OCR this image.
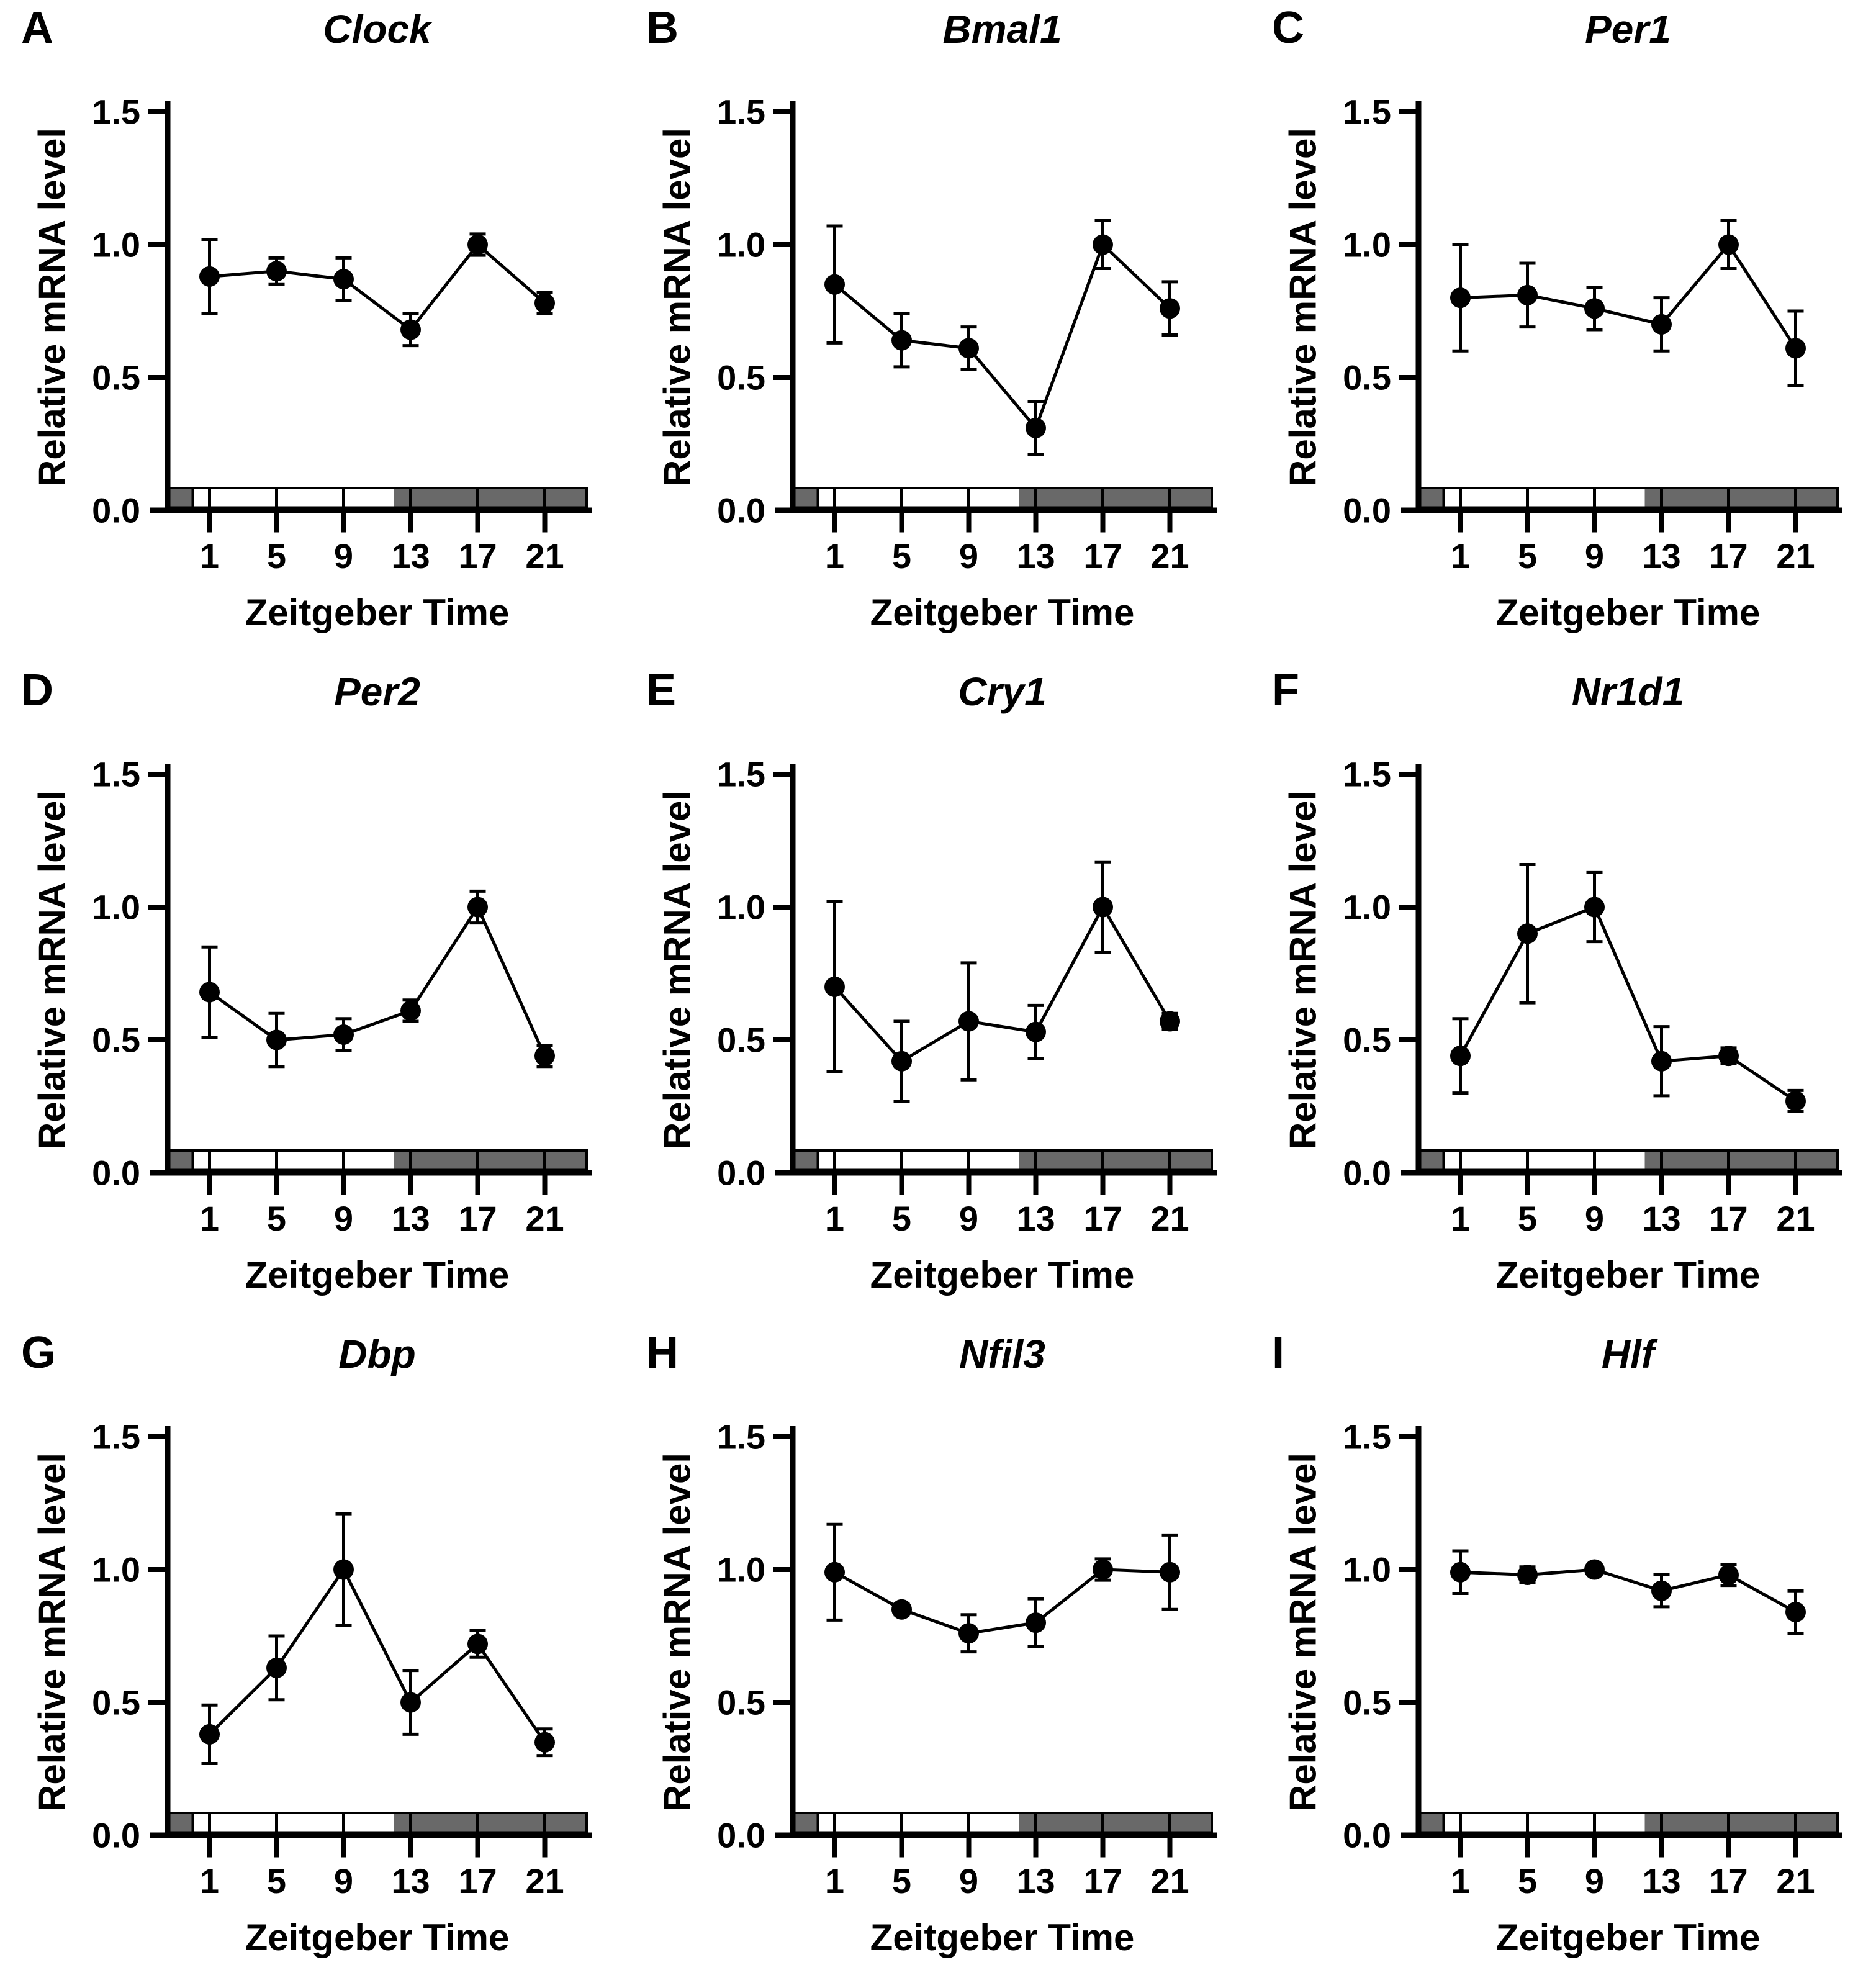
A	Clock
Relative mRNA level
1 5 9 13 17 21
0.0
0.5
1.0
1.5
Zeitgeber Time
B	Bmal1
Relative mRNA level
1 5 9 13 17 21
0.0
0.5
1.0
1.5
Zeitgeber Time
C	Per1
Relative mRNA level
1 5 9 13 17 21
0.0
0.5
1.0
1.5
Zeitgeber Time
D	Per2
Relative mRNA level
1 5 9 13 17 21
0.0
0.5
1.0
1.5
Zeitgeber Time
E	Cry1
Relative mRNA level
1 5 9 13 17 21
0.0
0.5
1.0
1.5
Zeitgeber Time
F	Nr1d1
Relative mRNA level
1 5 9 13 17 21
0.0
0.5
1.0
1.5
Zeitgeber Time
G	Dbp
Relative mRNA level
1 5 9 13 17 21
0.0
0.5
1.0
1.5
Zeitgeber Time
H	Nfil3
Relative mRNA level
1 5 9 13 17 21
0.0
0.5
1.0
1.5
Zeitgeber Time
I	Hlf
Relative mRNA level
1 5 9 13 17 21
0.0
0.5
1.0
1.5
Zeitgeber Time
